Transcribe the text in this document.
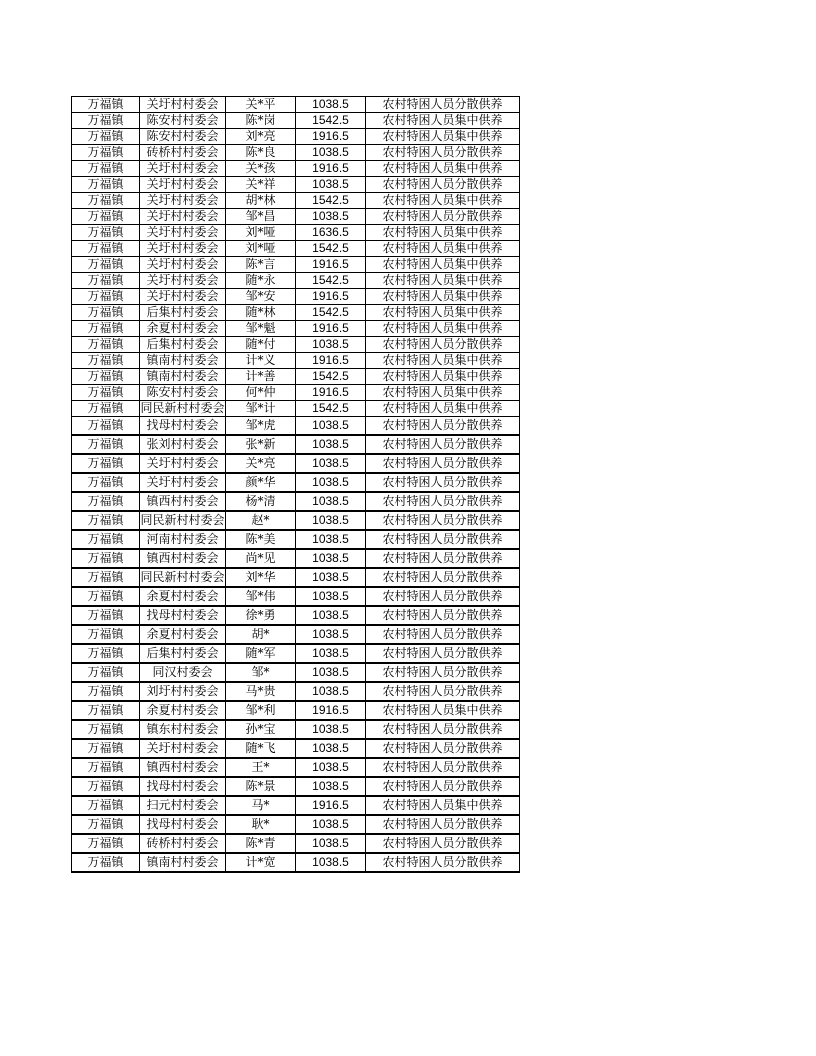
万福镇	关圩村村委会	关*平	1038.5	农村特困人员分散供养
万福镇	陈安村村委会	陈*岗	1542.5	农村特困人员集中供养
万福镇	陈安村村委会	刘*亮	1916.5	农村特困人员集中供养
万福镇	砖桥村村委会	陈*良	1038.5	农村特困人员分散供养
万福镇	关圩村村委会	关*孩	1916.5	农村特困人员集中供养
万福镇	关圩村村委会	关*祥	1038.5	农村特困人员分散供养
万福镇	关圩村村委会	胡*林	1542.5	农村特困人员集中供养
万福镇	关圩村村委会	邹*昌	1038.5	农村特困人员分散供养
万福镇	关圩村村委会	刘*哑	1636.5	农村特困人员集中供养
万福镇	关圩村村委会	刘*哑	1542.5	农村特困人员集中供养
万福镇	关圩村村委会	陈*言	1916.5	农村特困人员集中供养
万福镇	关圩村村委会	随*永	1542.5	农村特困人员集中供养
万福镇	关圩村村委会	邹*安	1916.5	农村特困人员集中供养
万福镇	后集村村委会	随*林	1542.5	农村特困人员集中供养
万福镇	余夏村村委会	邹*魁	1916.5	农村特困人员集中供养
万福镇	后集村村委会	随*付	1038.5	农村特困人员分散供养
万福镇	镇南村村委会	计*义	1916.5	农村特困人员集中供养
万福镇	镇南村村委会	计*善	1542.5	农村特困人员集中供养
万福镇	陈安村村委会	何*仲	1916.5	农村特困人员集中供养
万福镇	同民新村村委会	邹*计	1542.5	农村特困人员集中供养
万福镇	找母村村委会	邹*虎	1038.5	农村特困人员分散供养
万福镇	张刘村村委会	张*新	1038.5	农村特困人员分散供养
万福镇	关圩村村委会	关*亮	1038.5	农村特困人员分散供养
万福镇	关圩村村委会	颜*华	1038.5	农村特困人员分散供养
万福镇	镇西村村委会	杨*清	1038.5	农村特困人员分散供养
万福镇	同民新村村委会	赵*	1038.5	农村特困人员分散供养
万福镇	河南村村委会	陈*美	1038.5	农村特困人员分散供养
万福镇	镇西村村委会	尚*见	1038.5	农村特困人员分散供养
万福镇	同民新村村委会	刘*华	1038.5	农村特困人员分散供养
万福镇	余夏村村委会	邹*伟	1038.5	农村特困人员分散供养
万福镇	找母村村委会	徐*勇	1038.5	农村特困人员分散供养
万福镇	余夏村村委会	胡*	1038.5	农村特困人员分散供养
万福镇	后集村村委会	随*军	1038.5	农村特困人员分散供养
万福镇	同汉村委会	邹*	1038.5	农村特困人员分散供养
万福镇	刘圩村村委会	马*贵	1038.5	农村特困人员分散供养
万福镇	余夏村村委会	邹*利	1916.5	农村特困人员集中供养
万福镇	镇东村村委会	孙*宝	1038.5	农村特困人员分散供养
万福镇	关圩村村委会	随*飞	1038.5	农村特困人员分散供养
万福镇	镇西村村委会	王*	1038.5	农村特困人员分散供养
万福镇	找母村村委会	陈*景	1038.5	农村特困人员分散供养
万福镇	扫元村村委会	马*	1916.5	农村特困人员集中供养
万福镇	找母村村委会	耿*	1038.5	农村特困人员分散供养
万福镇	砖桥村村委会	陈*青	1038.5	农村特困人员分散供养
万福镇	镇南村村委会	计*宽	1038.5	农村特困人员分散供养
